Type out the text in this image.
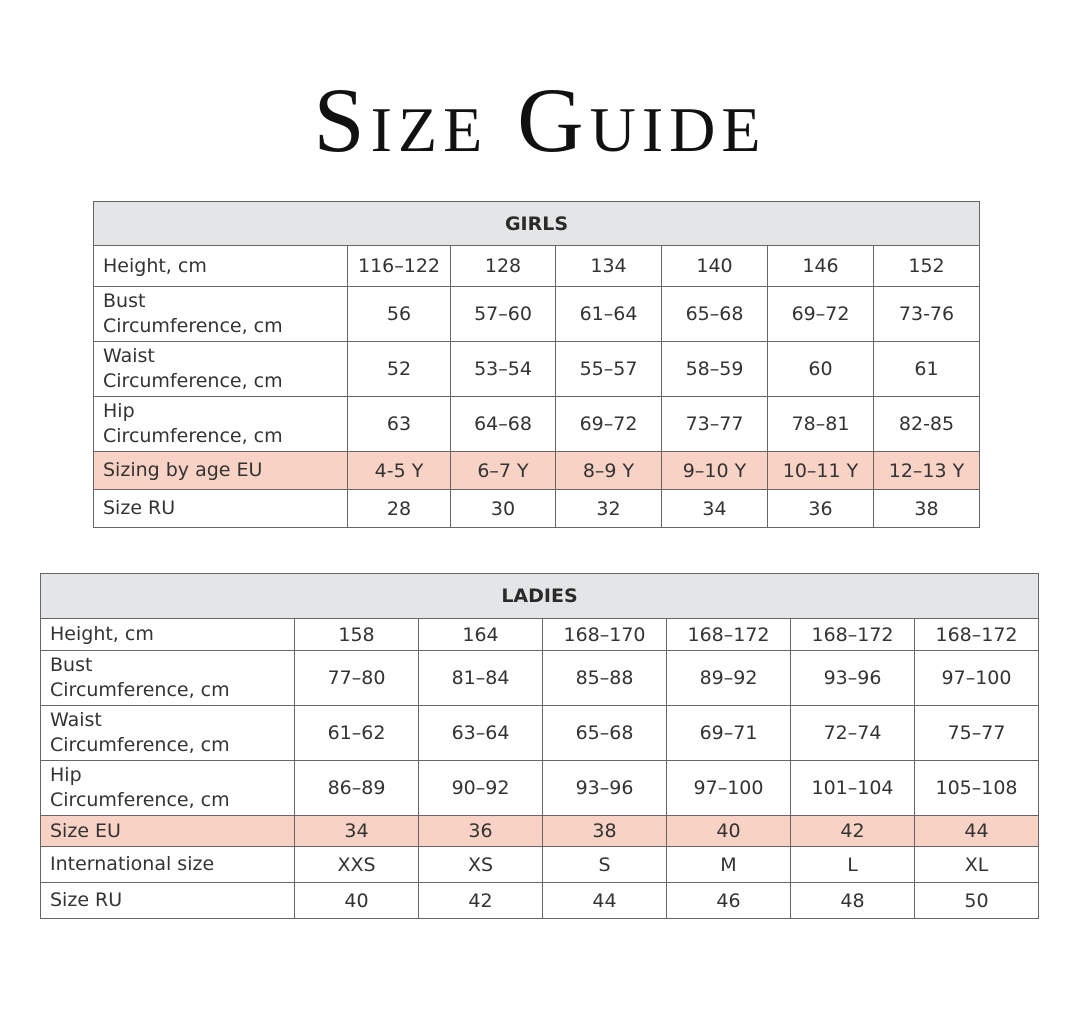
Size Guide
GIRLS						
Height, cm	116–122	128	134	140	146	152

Bust
Circumference, cm	56	57–60	61–64	65–68	69–72	73-76

Waist
Circumference, cm	52	53–54	55–57	58–59	60	61

Hip
Circumference, cm	63	64–68	69–72	73–77	78–81	82-85
Sizing by age EU	4-5 Y	6–7 Y	8–9 Y	9–10 Y	10–11 Y	12–13 Y
Size RU	28	30	32	34	36	38
LADIES						
Height, cm	158	164	168–170	168–172	168–172	168–172

Bust
Circumference, cm	77–80	81–84	85–88	89–92	93–96	97–100

Waist
Circumference, cm	61–62	63–64	65–68	69–71	72–74	75–77

Hip
Circumference, cm	86–89	90–92	93–96	97–100	101–104	105–108
Size EU	34	36	38	40	42	44
International size	XXS	XS	S	M	L	XL
Size RU	40	42	44	46	48	50
